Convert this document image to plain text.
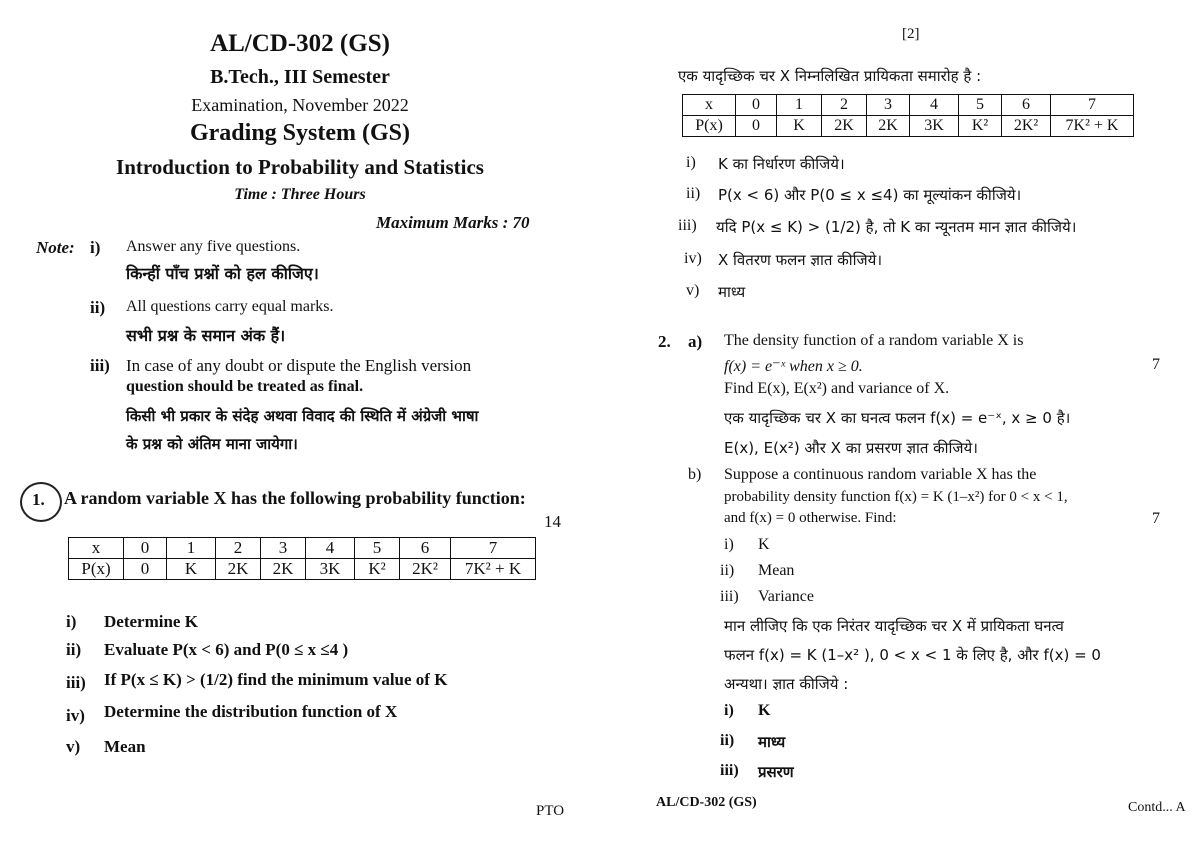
AL/CD-302 (GS)
B.Tech., III Semester
Examination, November 2022
Grading System (GS)
Introduction to Probability and Statistics
Time : Three Hours
Maximum Marks : 70
Note: i) Answer any five questions.
किन्हीं पाँच प्रश्नों को हल कीजिए।
ii) All questions carry equal marks.
सभी प्रश्न के समान अंक हैं।
iii) In case of any doubt or dispute the English version
question should be treated as final.
किसी भी प्रकार के संदेह अथवा विवाद की स्थिति में अंग्रेजी भाषा
के प्रश्न को अंतिम माना जायेगा।
1. A random variable X has the following probability function:
14
x	0	1	2	3	4	5	6	7
P(x)	0	K	2K	2K	3K	K²	2K²	7K² + K
i) Determine K
ii) Evaluate P(x < 6) and P(0 ≤ x ≤4 )
iii) If P(x ≤ K) > (1/2) find the minimum value of K
iv) Determine the distribution function of X
v) Mean
PTO
[2]
एक यादृच्छिक चर X निम्नलिखित प्रायिकता समारोह है :
x	0	1	2	3	4	5	6	7
P(x)	0	K	2K	2K	3K	K²	2K²	7K² + K
i) K का निर्धारण कीजिये।
ii) P(x < 6) और P(0 ≤ x ≤4) का मूल्यांकन कीजिये।
iii) यदि P(x ≤ K) > (1/2) है, तो K का न्यूनतम मान ज्ञात कीजिये।
iv) X वितरण फलन ज्ञात कीजिये।
v) माध्य
2. a) The density function of a random variable X is
f(x) = e⁻ˣ when x ≥ 0.	7
Find E(x), E(x²) and variance of X.
एक यादृच्छिक चर X का घनत्व फलन f(x) = e⁻ˣ, x ≥ 0 है।
E(x), E(x²) और X का प्रसरण ज्ञात कीजिये।
b) Suppose a continuous random variable X has the
probability density function f(x) = K (1–x²) for 0 < x < 1,
and f(x) = 0 otherwise. Find:	7
i) K
ii) Mean
iii) Variance
मान लीजिए कि एक निरंतर यादृच्छिक चर X में प्रायिकता घनत्व
फलन f(x) = K (1–x² ), 0 < x < 1 के लिए है, और f(x) = 0
अन्यथा। ज्ञात कीजिये :
i) K
ii) माध्य
iii) प्रसरण
AL/CD-302 (GS)	Contd... A
